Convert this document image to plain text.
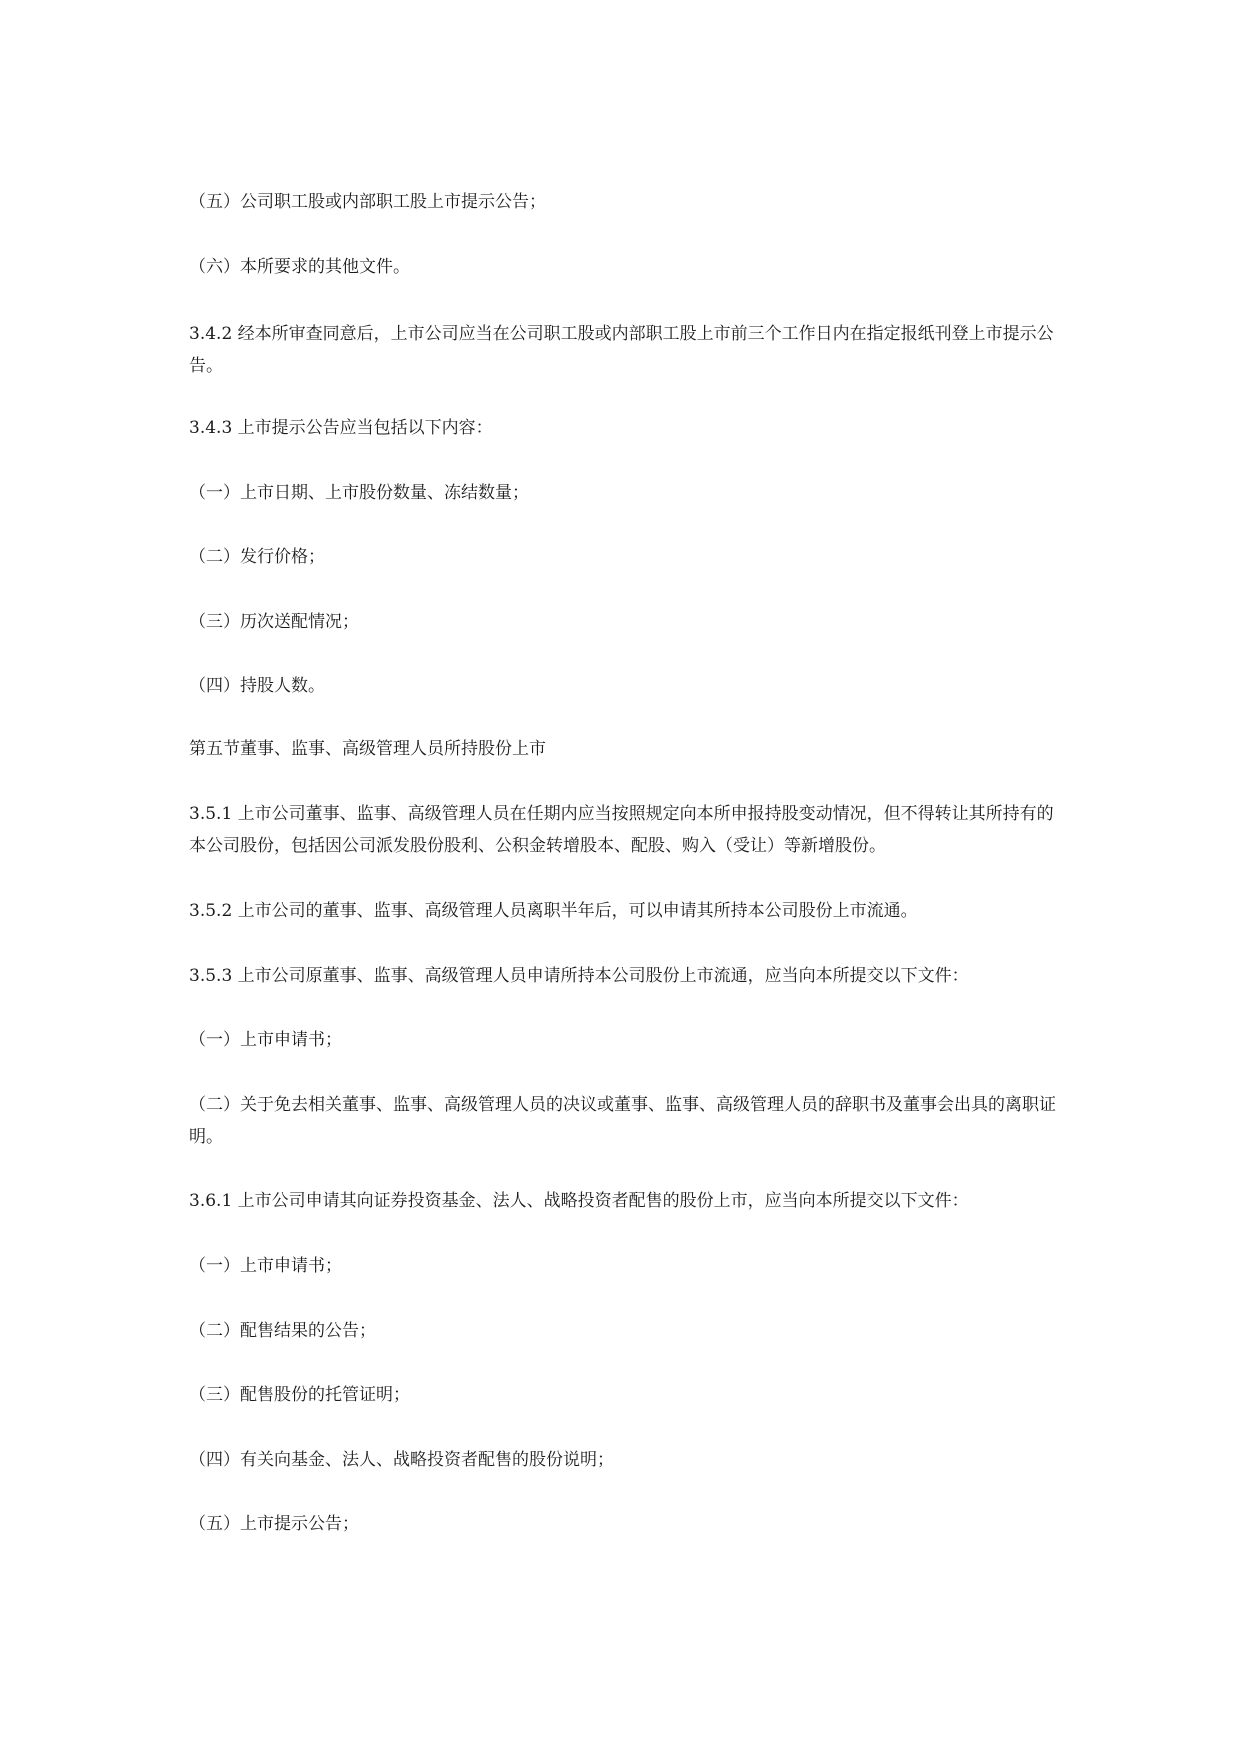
（五）公司职工股或内部职工股上市提示公告；
（六）本所要求的其他文件。
3.4.2 经本所审查同意后，上市公司应当在公司职工股或内部职工股上市前三个工作日内在指定报纸刊登上市提示公告。
3.4.3 上市提示公告应当包括以下内容：
（一）上市日期、上市股份数量、冻结数量；
（二）发行价格；
（三）历次送配情况；
（四）持股人数。
第五节董事、监事、高级管理人员所持股份上市
3.5.1 上市公司董事、监事、高级管理人员在任期内应当按照规定向本所申报持股变动情况，但不得转让其所持有的本公司股份，包括因公司派发股份股利、公积金转增股本、配股、购入（受让）等新增股份。
3.5.2 上市公司的董事、监事、高级管理人员离职半年后，可以申请其所持本公司股份上市流通。
3.5.3 上市公司原董事、监事、高级管理人员申请所持本公司股份上市流通，应当向本所提交以下文件：
（一）上市申请书；
（二）关于免去相关董事、监事、高级管理人员的决议或董事、监事、高级管理人员的辞职书及董事会出具的离职证明。
3.6.1 上市公司申请其向证券投资基金、法人、战略投资者配售的股份上市，应当向本所提交以下文件：
（一）上市申请书；
（二）配售结果的公告；
（三）配售股份的托管证明；
（四）有关向基金、法人、战略投资者配售的股份说明；
（五）上市提示公告；
